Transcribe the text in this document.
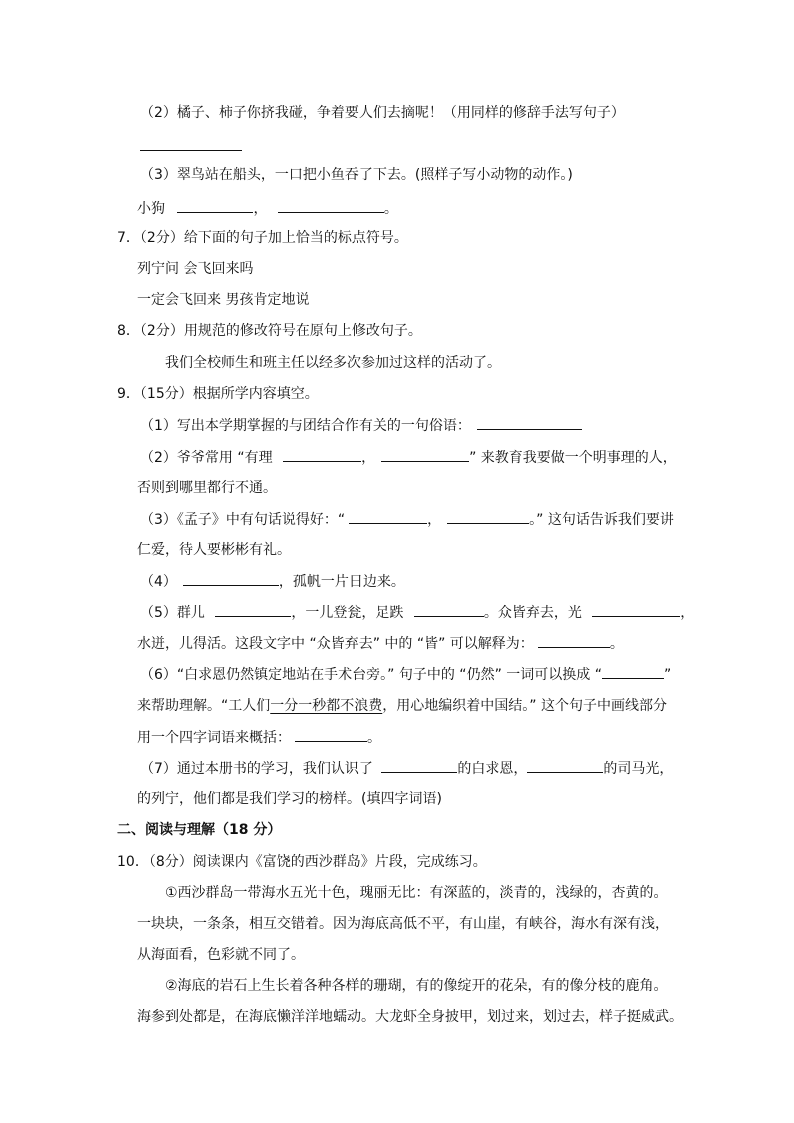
（2）橘子、柿子你挤我碰，争着要人们去摘呢！（用同样的修辞手法写句子）
（3）翠鸟站在船头，一口把小鱼吞了下去。(照样子写小动物的动作。)
小狗	，	。
7．（2分）给下面的句子加上恰当的标点符号。
列宁问 会飞回来吗
一定会飞回来 男孩肯定地说
8．（2分）用规范的修改符号在原句上修改句子。
我们全校师生和班主任以经多次参加过这样的活动了。
9．（15分）根据所学内容填空。
（1）写出本学期掌握的与团结合作有关的一句俗语：
（2）爷爷常用 “有理	，	” 来教育我要做一个明事理的人，
否则到哪里都行不通。
（3）《孟子》中有句话说得好：“	，	。” 这句话告诉我们要讲
仁爱，待人要彬彬有礼。
（4）	，孤帆一片日边来。
（5）群儿	，一儿登瓮，足跌	。众皆弃去，光	，
水迸，儿得活。这段文字中 “众皆弃去” 中的 “皆” 可以解释为：	。
（6）“白求恩仍然镇定地站在手术台旁。” 句子中的 “仍然” 一词可以换成 “	”
来帮助理解。“工人们一分一秒都不浪费，用心地编织着中国结。” 这个句子中画线部分
用一个四字词语来概括：	。
（7）通过本册书的学习，我们认识了	的白求恩，	的司马光，
的列宁，他们都是我们学习的榜样。(填四字词语)
二、阅读与理解（18 分）
10．（8分）阅读课内《富饶的西沙群岛》片段，完成练习。
①西沙群岛一带海水五光十色，瑰丽无比：有深蓝的，淡青的，浅绿的，杏黄的。
一块块，一条条，相互交错着。因为海底高低不平，有山崖，有峡谷，海水有深有浅，
从海面看，色彩就不同了。
②海底的岩石上生长着各种各样的珊瑚，有的像绽开的花朵，有的像分枝的鹿角。
海参到处都是，在海底懒洋洋地蠕动。大龙虾全身披甲，划过来，划过去，样子挺威武。
